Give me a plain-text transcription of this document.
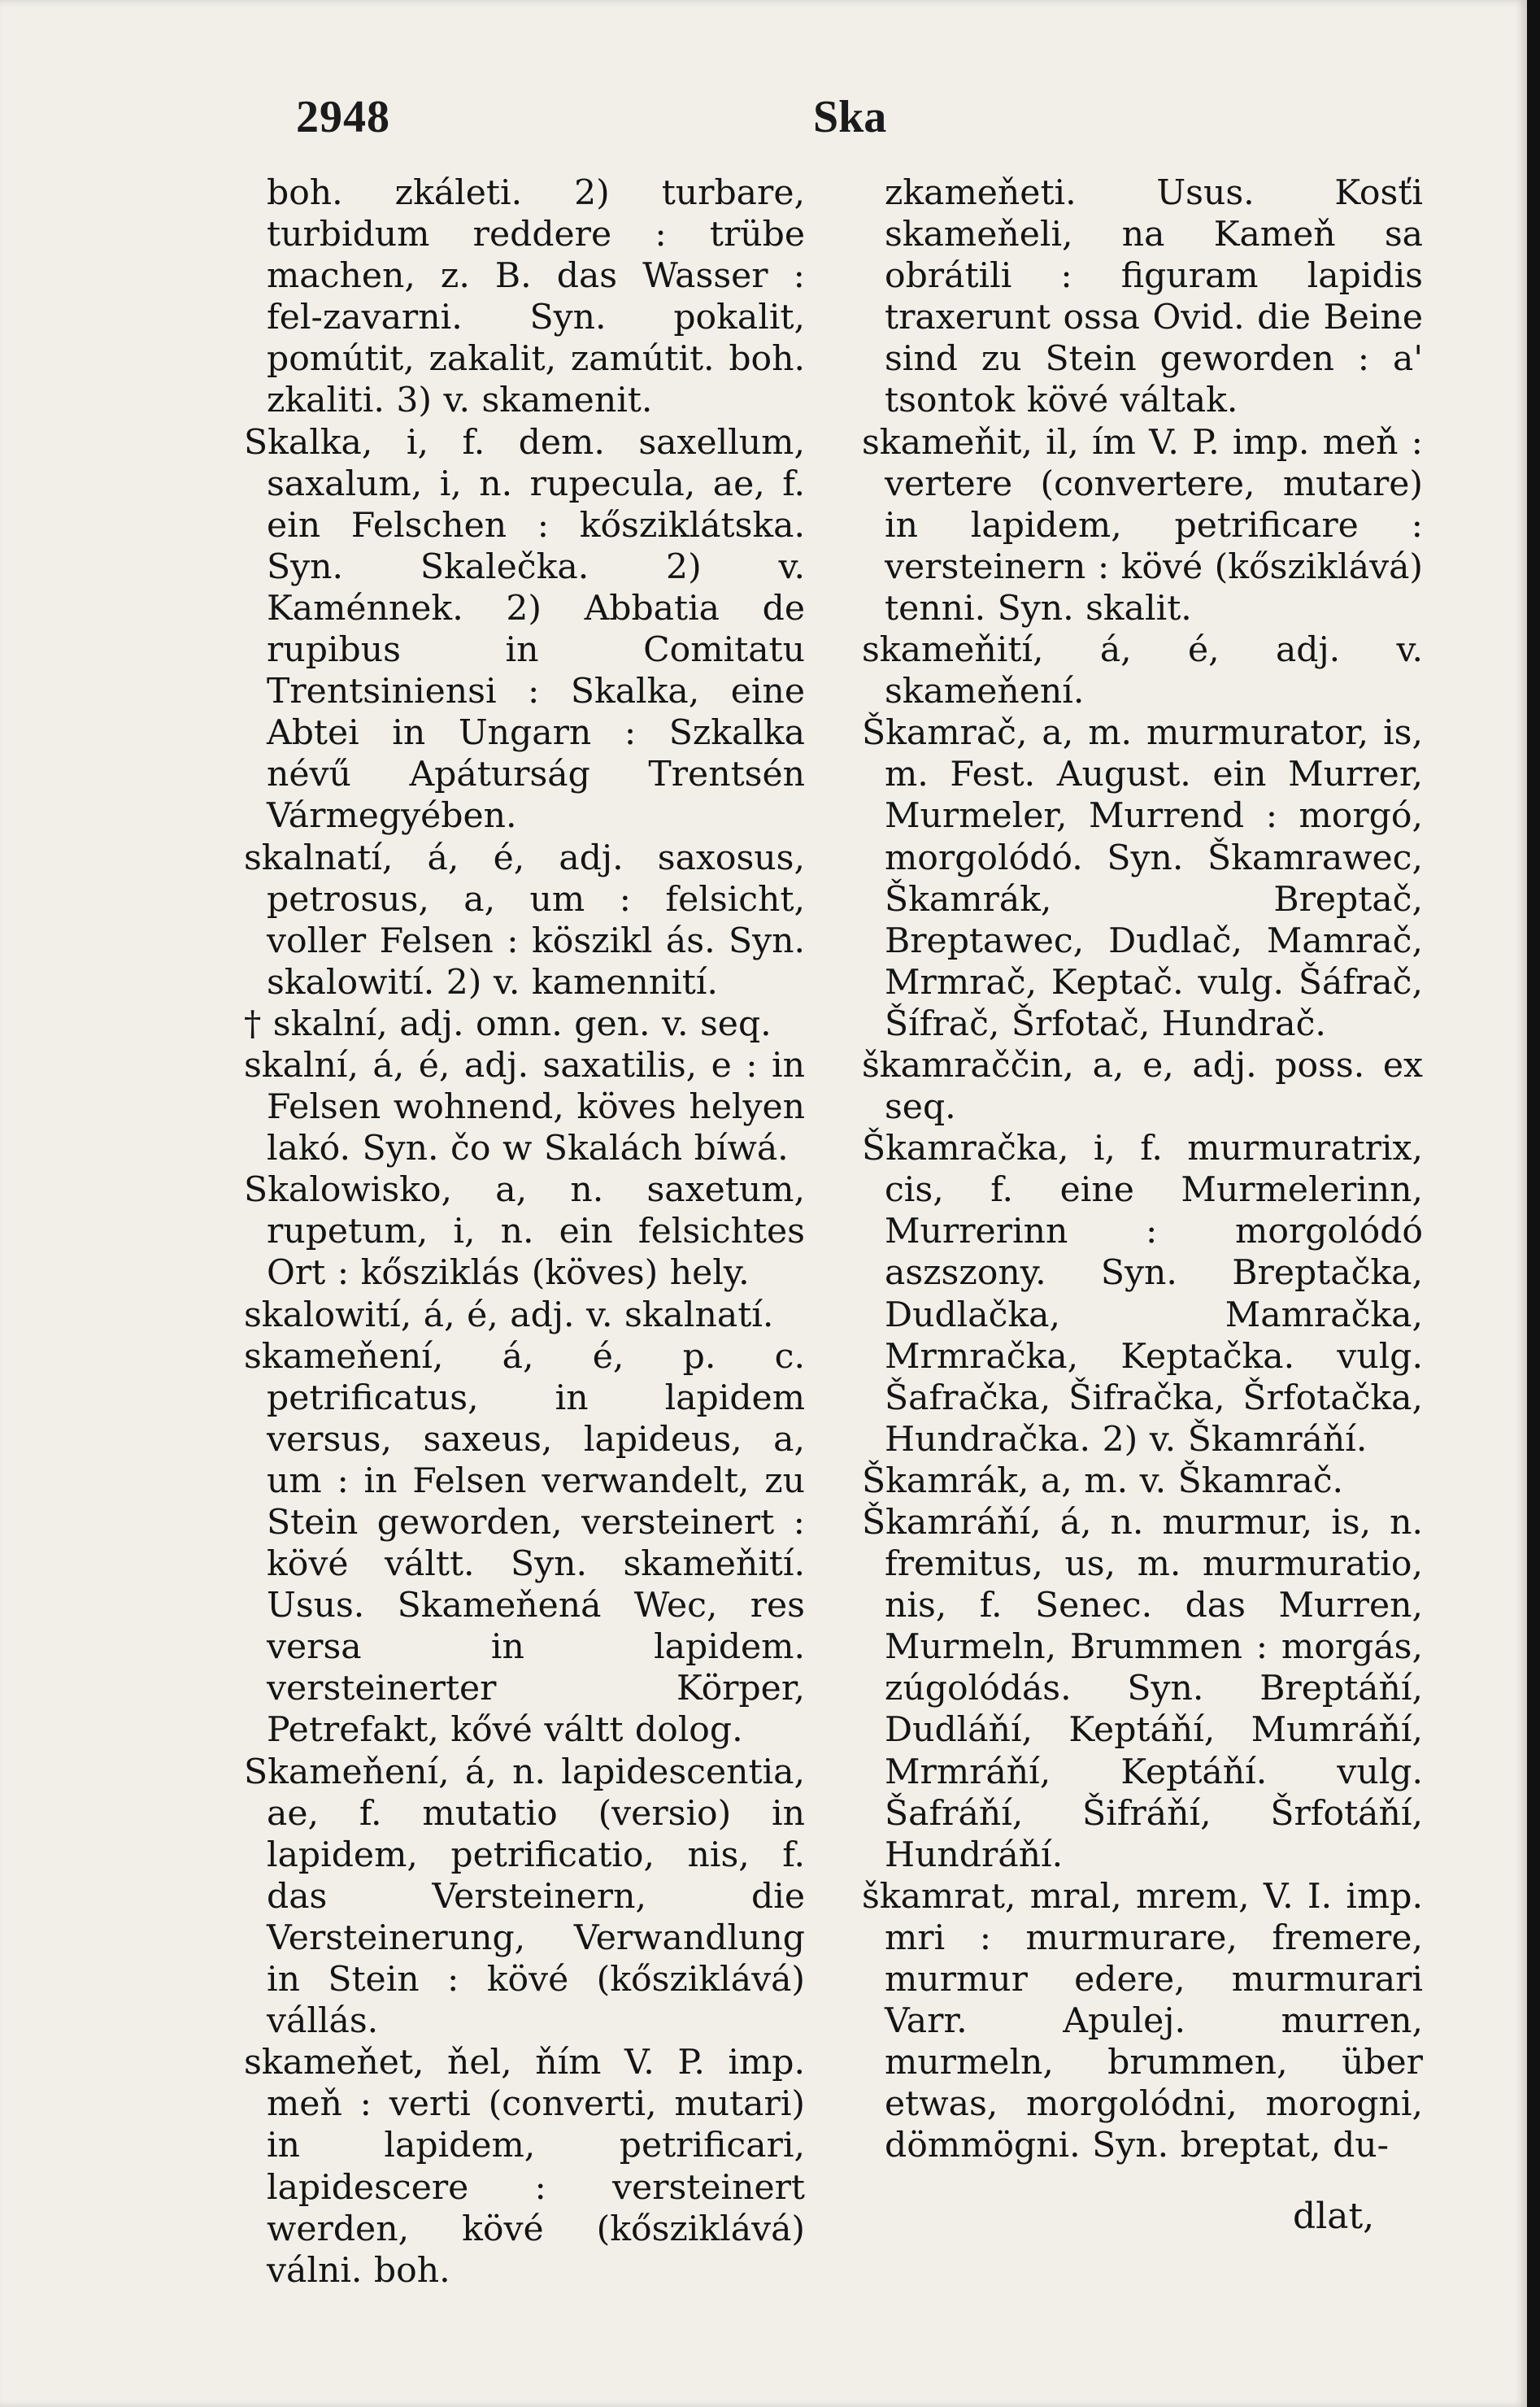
2948	Ska
boh. zkáleti. 2) turbare, turbidum reddere : trübe machen, z. B. das Wasser : fel-zavarni. Syn. pokalit, pomútit, zakalit, zamútit. boh. zkaliti. 3) v. skamenit.
Skalka, i, f. dem. saxellum, saxalum, i, n. rupecula, ae, f. ein Felschen : kősziklátska. Syn. Skalečka. 2) v. Kaménnek. 2) Abbatia de rupibus in Comitatu Trentsiniensi : Skalka, eine Abtei in Ungarn : Szkalka névű Apáturság Trentsén Vármegyében.
skalnatí, á, é, adj. saxosus, petrosus, a, um : felsicht, voller Felsen : köszikl ás. Syn. skalowití. 2) v. kamennití.
† skalní, adj. omn. gen. v. seq.
skalní, á, é, adj. saxatilis, e : in Felsen wohnend, köves helyen lakó. Syn. čo w Skalách bíwá.
Skalowisko, a, n. saxetum, rupetum, i, n. ein felsichtes Ort : kősziklás (köves) hely.
skalowití, á, é, adj. v. skalnatí.
skameňení, á, é, p. c. petrificatus, in lapidem versus, saxeus, lapideus, a, um : in Felsen verwandelt, zu Stein geworden, versteinert : kövé váltt. Syn. skameňití. Usus. Skameňená Wec, res versa in lapidem. versteinerter Körper, Petrefakt, kővé váltt dolog.
Skameňení, á, n. lapidescentia, ae, f. mutatio (versio) in lapidem, petrificatio, nis, f. das Versteinern, die Versteinerung, Verwandlung in Stein : kövé (kősziklává) vállás.
skameňet, ňel, ňím V. P. imp. meň : verti (converti, mutari) in lapidem, petrificari, lapidescere : versteinert werden, kövé (kősziklává) válni. boh.
zkameňeti. Usus. Kosťi skameňeli, na Kameň sa obrátili : figuram lapidis traxerunt ossa Ovid. die Beine sind zu Stein geworden : a' tsontok kövé váltak.
skameňit, il, ím V. P. imp. meň : vertere (convertere, mutare) in lapidem, petrificare : versteinern : kövé (kősziklává) tenni. Syn. skalit.
skameňití, á, é, adj. v. skameňení.
Škamrač, a, m. murmurator, is, m. Fest. August. ein Murrer, Murmeler, Murrend : morgó, morgolódó. Syn. Škamrawec, Škamrák, Breptač, Breptawec, Dudlač, Mamrač, Mrmrač, Keptač. vulg. Šáfrač, Šífrač, Šrfotač, Hundrač.
škamraččin, a, e, adj. poss. ex seq.
Škamračka, i, f. murmuratrix, cis, f. eine Murmelerinn, Murrerinn : morgolódó aszszony. Syn. Breptačka, Dudlačka, Mamračka, Mrmračka, Keptačka. vulg. Šafračka, Šifračka, Šrfotačka, Hundračka. 2) v. Škamráňí.
Škamrák, a, m. v. Škamrač.
Škamráňí, á, n. murmur, is, n. fremitus, us, m. murmuratio, nis, f. Senec. das Murren, Murmeln, Brummen : morgás, zúgolódás. Syn. Breptáňí, Dudláňí, Keptáňí, Mumráňí, Mrmráňí, Keptáňí. vulg. Šafráňí, Šifráňí, Šrfotáňí, Hundráňí.
škamrat, mral, mrem, V. I. imp. mri : murmurare, fremere, murmur edere, murmurari Varr. Apulej. murren, murmeln, brummen, über etwas, morgolódni, morogni, dömmögni. Syn. breptat, du-
dlat,
